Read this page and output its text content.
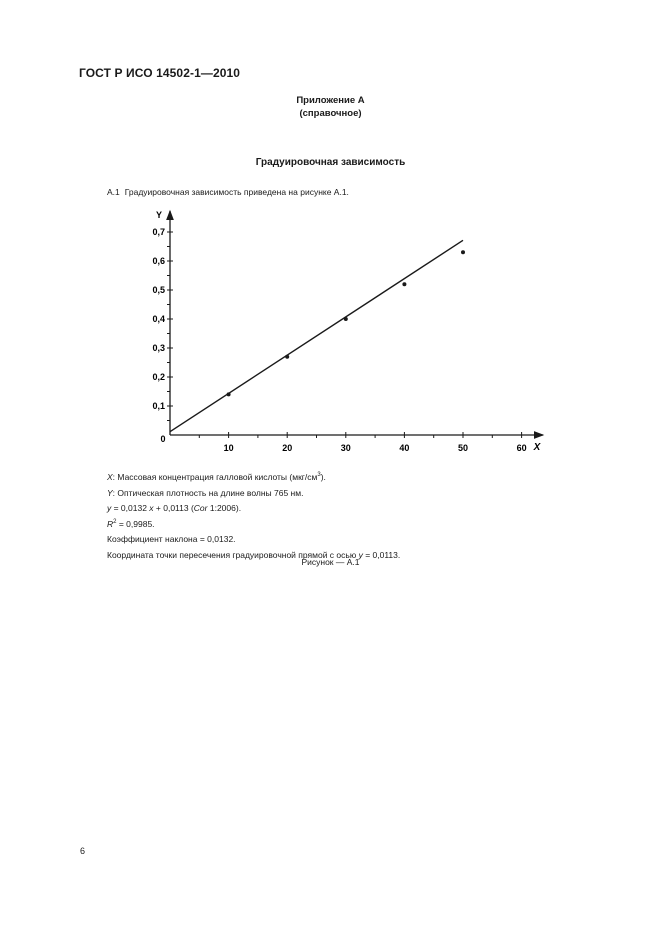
ГОСТ Р ИСО 14502-1—2010
Приложение А
(справочное)
Градуировочная зависимость
А.1 Градуировочная зависимость приведена на рисунке А.1.
10	20	30	40	50	60
0,1
0,2
0,3
0,4
0,5
0,6
0,7
0
X
Y
X: Массовая концентрация галловой кислоты $(мкг/см^3)$.
Y: Оптическая плотность на длине волны 765 нм.
y = 0,0132 x + 0,0113 (Cor 1:2006).
$R^2 = 0,9985$.
Коэффициент наклона = 0,0132.
Координата точки пересечения градуировочной прямой с осью y = 0,0113.
Рисунок — А.1
6
